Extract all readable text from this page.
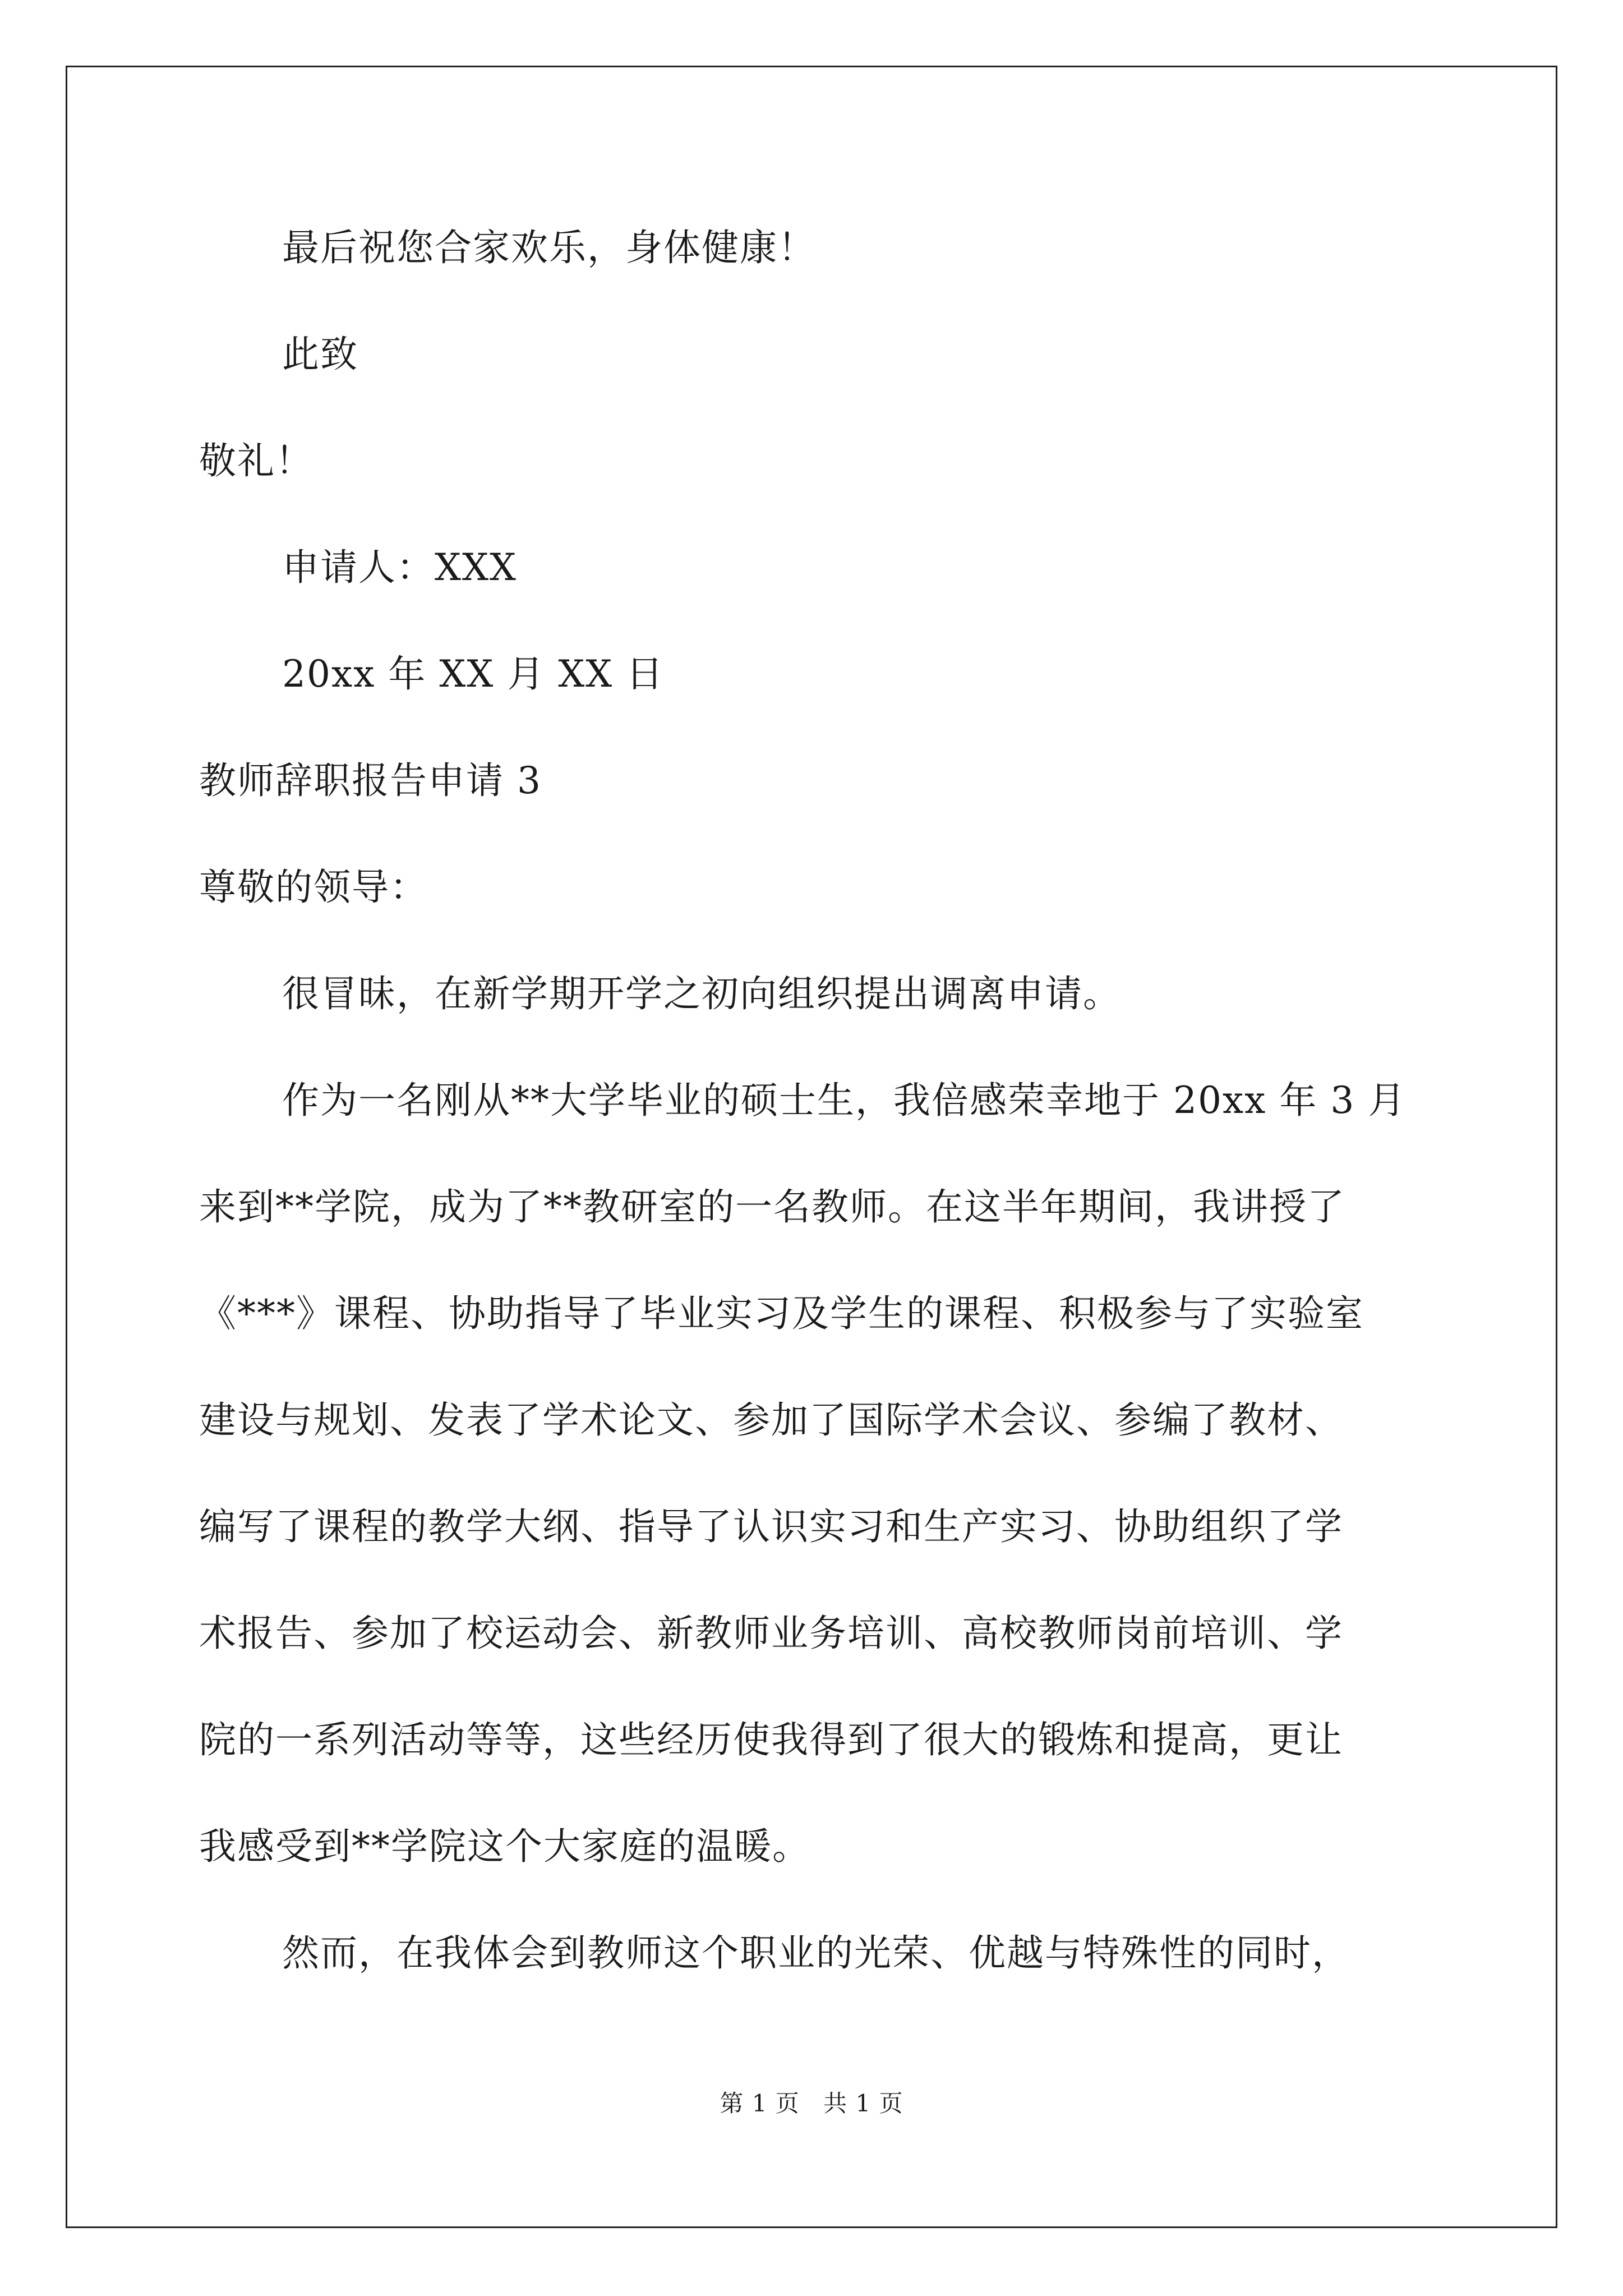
最后祝您合家欢乐，身体健康！
此致
敬礼！
申请人：XXX
20xx 年 XX 月 XX 日
教师辞职报告申请 3
尊敬的领导：
很冒昧，在新学期开学之初向组织提出调离申请。
作为一名刚从**大学毕业的硕士生，我倍感荣幸地于 20xx 年 3 月
来到**学院，成为了**教研室的一名教师。在这半年期间，我讲授了
《***》课程、协助指导了毕业实习及学生的课程、积极参与了实验室
建设与规划、发表了学术论文、参加了国际学术会议、参编了教材、
编写了课程的教学大纲、指导了认识实习和生产实习、协助组织了学
术报告、参加了校运动会、新教师业务培训、高校教师岗前培训、学
院的一系列活动等等，这些经历使我得到了很大的锻炼和提高，更让
我感受到**学院这个大家庭的温暖。
然而，在我体会到教师这个职业的光荣、优越与特殊性的同时，
第 1 页 共 1 页
